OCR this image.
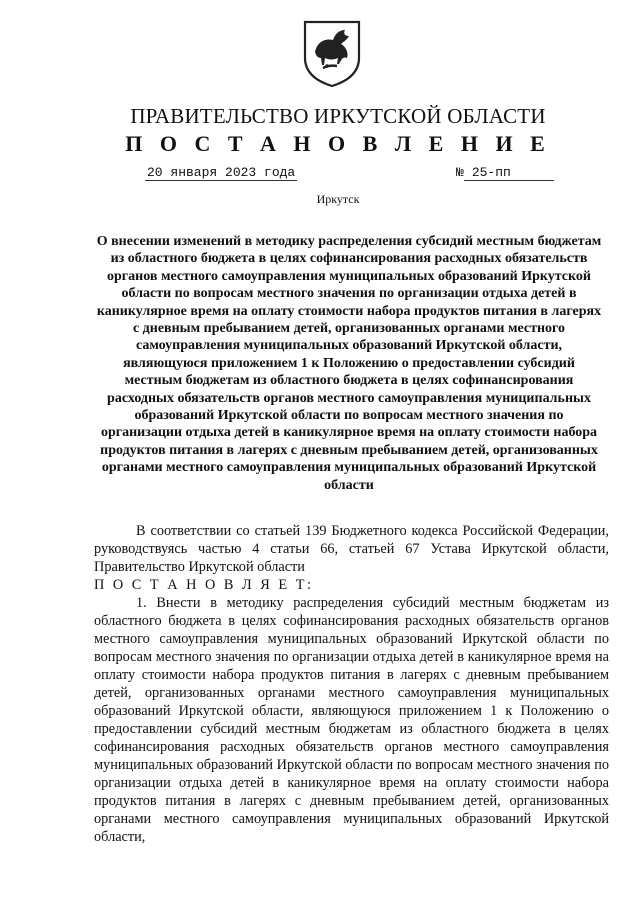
ПРАВИТЕЛЬСТВО ИРКУТСКОЙ ОБЛАСТИ
П О С Т А Н О В Л Е Н И Е
20 января 2023 года	№ 25-пп
Иркутск
О внесении изменений в методику распределения субсидий местным бюджетам из областного бюджета в целях софинансирования расходных обязательств органов местного самоуправления муниципальных образований Иркутской области по вопросам местного значения по организации отдыха детей в каникулярное время на оплату стоимости набора продуктов питания в лагерях с дневным пребыванием детей, организованных органами местного самоуправления муниципальных образований Иркутской области, являющуюся приложением 1 к Положению о предоставлении субсидий местным бюджетам из областного бюджета в целях софинансирования расходных обязательств органов местного самоуправления муниципальных образований Иркутской области по вопросам местного значения по организации отдыха детей в каникулярное время на оплату стоимости набора продуктов питания в лагерях с дневным пребыванием детей, организованных органами местного самоуправления муниципальных образований Иркутской области

В соответствии со статьей 139 Бюджетного кодекса Российской Федерации, руководствуясь частью 4 статьи 66, статьей 67 Устава Иркутской области, Правительство Иркутской области

П О С Т А Н О В Л Я Е Т:

1. Внести в методику распределения субсидий местным бюджетам из областного бюджета в целях софинансирования расходных обязательств органов местного самоуправления муниципальных образований Иркутской области по вопросам местного значения по организации отдыха детей в каникулярное время на оплату стоимости набора продуктов питания в лагерях с дневным пребыванием детей, организованных органами местного самоуправления муниципальных образований Иркутской области, являющуюся приложением 1 к Положению о предоставлении субсидий местным бюджетам из областного бюджета в целях софинансирования расходных обязательств органов местного самоуправления муниципальных образований Иркутской области по вопросам местного значения по организации отдыха детей в каникулярное время на оплату стоимости набора продуктов питания в лагерях с дневным пребыванием детей, организованных органами местного самоуправления муниципальных образований Иркутской области,
